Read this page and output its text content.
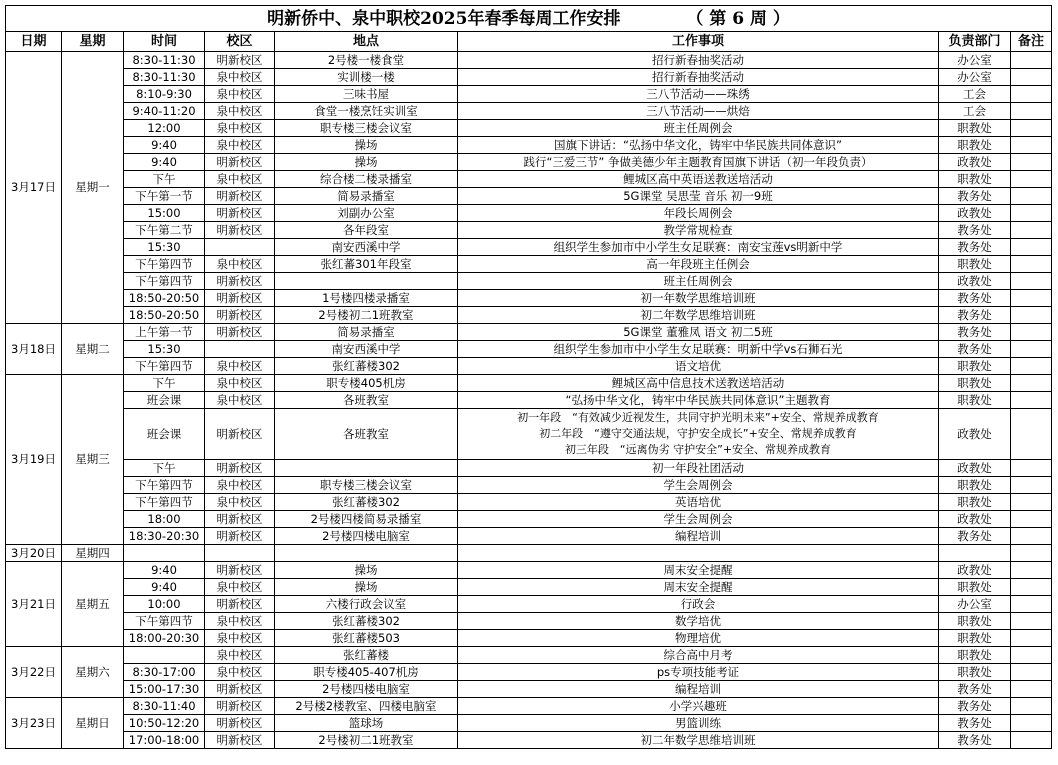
明新侨中、泉中职校2025年春季每周工作安排 （ 第 6 周 ）							
日期	星期	时间	校区	地点	工作事项	负责部门	备注
3月17日	星期一	8:30-11:30	明新校区	2号楼一楼食堂	招行新春抽奖活动	办公室	
		8:30-11:30	泉中校区	实训楼一楼	招行新春抽奖活动	办公室	
		8:10-9:30	泉中校区	三味书屋	三八节活动——珠绣	工会	
		9:40-11:20	泉中校区	食堂一楼烹饪实训室	三八节活动——烘焙	工会	
		12:00	泉中校区	职专楼三楼会议室	班主任周例会	职教处	
		9:40	泉中校区	操场	国旗下讲话：“弘扬中华文化，铸牢中华民族共同体意识”	职教处	
		9:40	明新校区	操场	践行“三爱三节” 争做美德少年主题教育国旗下讲话（初一年段负责）	政教处	
		下午	泉中校区	综合楼二楼录播室	鲤城区高中英语送教送培活动	职教处	
		下午第一节	明新校区	简易录播室	5G课堂 吴思莹 音乐 初一9班	教务处	
		15:00	明新校区	刘副办公室	年段长周例会	政教处	
		下午第二节	明新校区	各年段室	教学常规检查	教务处	
		15:30		南安西溪中学	组织学生参加市中小学生女足联赛：南安宝莲vs明新中学	教务处	
		下午第四节	泉中校区	张红蕃301年段室	高一年段班主任例会	职教处	
		下午第四节	明新校区		班主任周例会	政教处	
		18:50-20:50	明新校区	1号楼四楼录播室	初一年数学思维培训班	教务处	
		18:50-20:50	明新校区	2号楼初二1班教室	初二年数学思维培训班	教务处	
3月18日	星期二	上午第一节	明新校区	简易录播室	5G课堂 董雅凤 语文 初二5班	教务处	
		15:30		南安西溪中学	组织学生参加市中小学生女足联赛：明新中学vs石狮石光	教务处	
		下午第四节	泉中校区	张红蕃楼302	语文培优	职教处	
3月19日	星期三	下午	泉中校区	职专楼405机房	鲤城区高中信息技术送教送培活动	职教处	
		班会课	泉中校区	各班教室	“弘扬中华文化，铸牢中华民族共同体意识”主题教育	职教处	
		班会课	明新校区	各班教室	初一年段　“有效减少近视发生，共同守护光明未来”+安全、常规养成教育
初二年段　“遵守交通法规，守护安全成长”+安全、常规养成教育
初三年段　“远离伪劣 守护安全”+安全、常规养成教育	政教处	
		下午	明新校区		初一年段社团活动	政教处	
		下午第四节	泉中校区	职专楼三楼会议室	学生会周例会	职教处	
		下午第四节	泉中校区	张红蕃楼302	英语培优	职教处	
		18:00	明新校区	2号楼四楼简易录播室	学生会周例会	政教处	
		18:30-20:30	明新校区	2号楼四楼电脑室	编程培训	教务处	
3月20日	星期四						
3月21日	星期五	9:40	明新校区	操场	周末安全提醒	政教处	
		9:40	泉中校区	操场	周末安全提醒	职教处	
		10:00	明新校区	六楼行政会议室	行政会	办公室	
		下午第四节	泉中校区	张红蕃楼302	数学培优	职教处	
		18:00-20:30	泉中校区	张红蕃楼503	物理培优	职教处	
3月22日	星期六		泉中校区	张红蕃楼	综合高中月考	职教处	
		8:30-17:00	泉中校区	职专楼405-407机房	ps专项技能考证	职教处	
		15:00-17:30	明新校区	2号楼四楼电脑室	编程培训	教务处	
3月23日	星期日	8:30-11:40	明新校区	2号楼2楼教室、四楼电脑室	小学兴趣班	教务处	
		10:50-12:20	明新校区	篮球场	男篮训练	教务处	
		17:00-18:00	明新校区	2号楼初二1班教室	初二年数学思维培训班	教务处	
